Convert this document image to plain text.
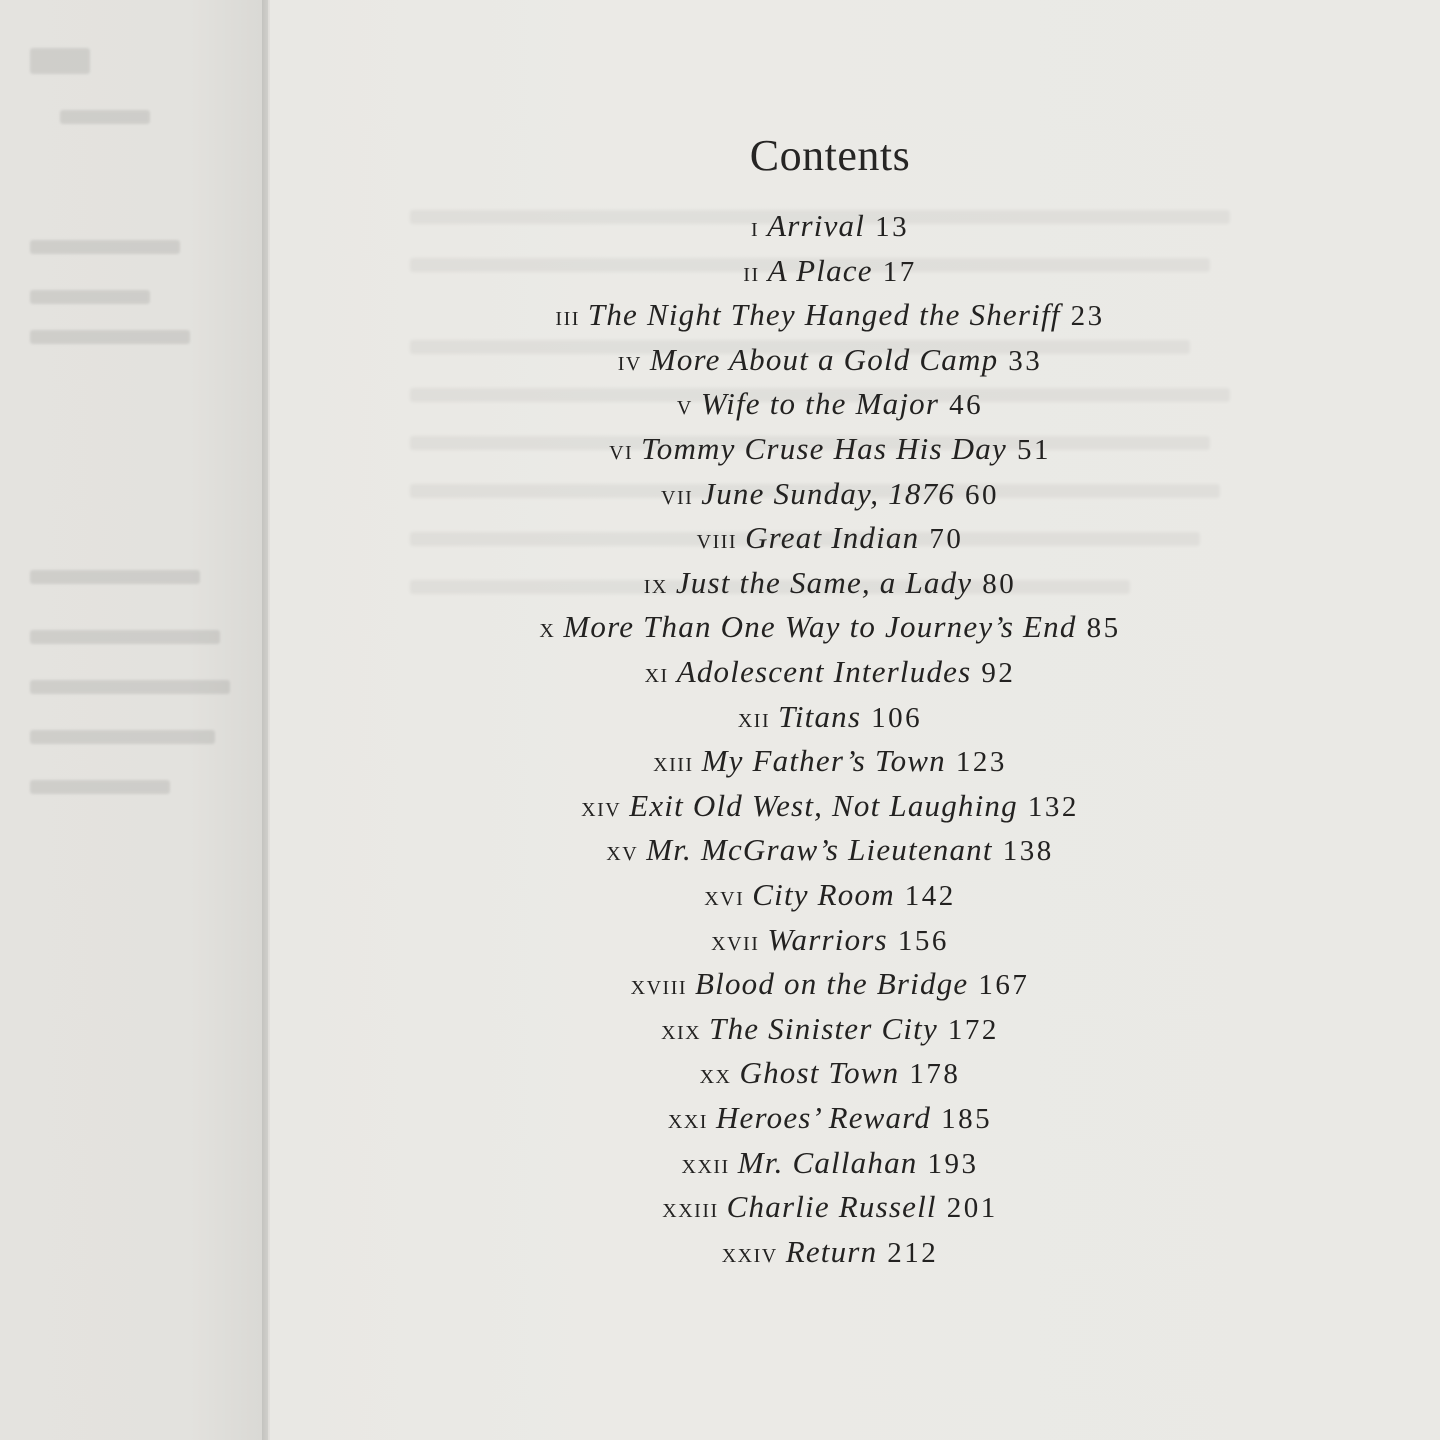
Contents
i Arrival 13
ii A Place 17
iii The Night They Hanged the Sheriff 23
iv More About a Gold Camp 33
v Wife to the Major 46
vi Tommy Cruse Has His Day 51
vii June Sunday, 1876 60
viii Great Indian 70
ix Just the Same, a Lady 80
x More Than One Way to Journey’s End 85
xi Adolescent Interludes 92
xii Titans 106
xiii My Father’s Town 123
xiv Exit Old West, Not Laughing 132
xv Mr. McGraw’s Lieutenant 138
xvi City Room 142
xvii Warriors 156
xviii Blood on the Bridge 167
xix The Sinister City 172
xx Ghost Town 178
xxi Heroes’ Reward 185
xxii Mr. Callahan 193
xxiii Charlie Russell 201
xxiv Return 212
